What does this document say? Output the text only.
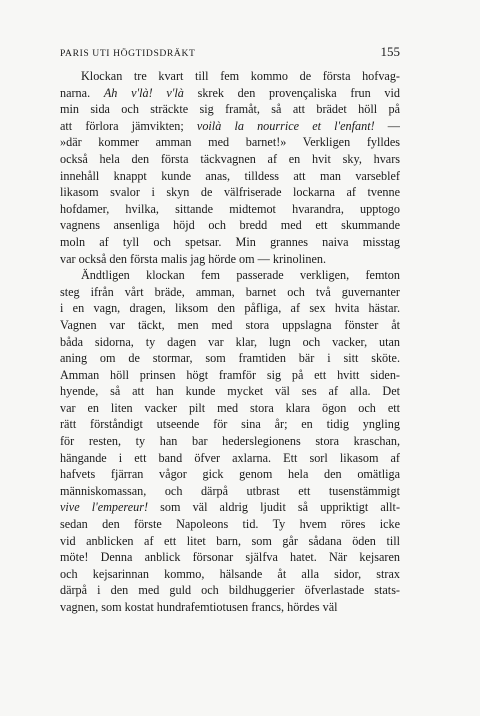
PARIS UTI HÖGTIDSDRÄKT	155

Klockan tre kvart till fem kommo de första hofvag-
narna. Ah v'là! v'là skrek den provençaliska frun vid
min sida och sträckte sig framåt, så att brädet höll på
att förlora jämvikten; voilà la nourrice et l'enfant! —
»där kommer amman med barnet!» Verkligen fylldes
också hela den första täckvagnen af en hvit sky, hvars
innehåll knappt kunde anas, tilldess att man varseblef
likasom svalor i skyn de välfriserade lockarna af tvenne
hofdamer, hvilka, sittande midtemot hvarandra, upptogo
vagnens ansenliga höjd och bredd med ett skummande
moln af tyll och spetsar. Min grannes naiva misstag
var också den första malis jag hörde om — krinolinen.
Ändtligen klockan fem passerade verkligen, femton
steg ifrån vårt bräde, amman, barnet och två guvernanter
i en vagn, dragen, liksom den påfliga, af sex hvita hästar.
Vagnen var täckt, men med stora uppslagna fönster åt
båda sidorna, ty dagen var klar, lugn och vacker, utan
aning om de stormar, som framtiden bär i sitt sköte.
Amman höll prinsen högt framför sig på ett hvitt siden-
hyende, så att han kunde mycket väl ses af alla. Det
var en liten vacker pilt med stora klara ögon och ett
rätt förståndigt utseende för sina år; en tidig yngling
för resten, ty han bar hederslegionens stora kraschan,
hängande i ett band öfver axlarna. Ett sorl likasom af
hafvets fjärran vågor gick genom hela den omätliga
människomassan, och därpå utbrast ett tusenstämmigt
vive l'empereur! som väl aldrig ljudit så uppriktigt allt-
sedan den förste Napoleons tid. Ty hvem röres icke
vid anblicken af ett litet barn, som går sådana öden till
möte! Denna anblick försonar själfva hatet. När kejsaren
och kejsarinnan kommo, hälsande åt alla sidor, strax
därpå i den med guld och bildhuggerier öfverlastade stats-
vagnen, som kostat hundrafemtiotusen francs, hördes väl
